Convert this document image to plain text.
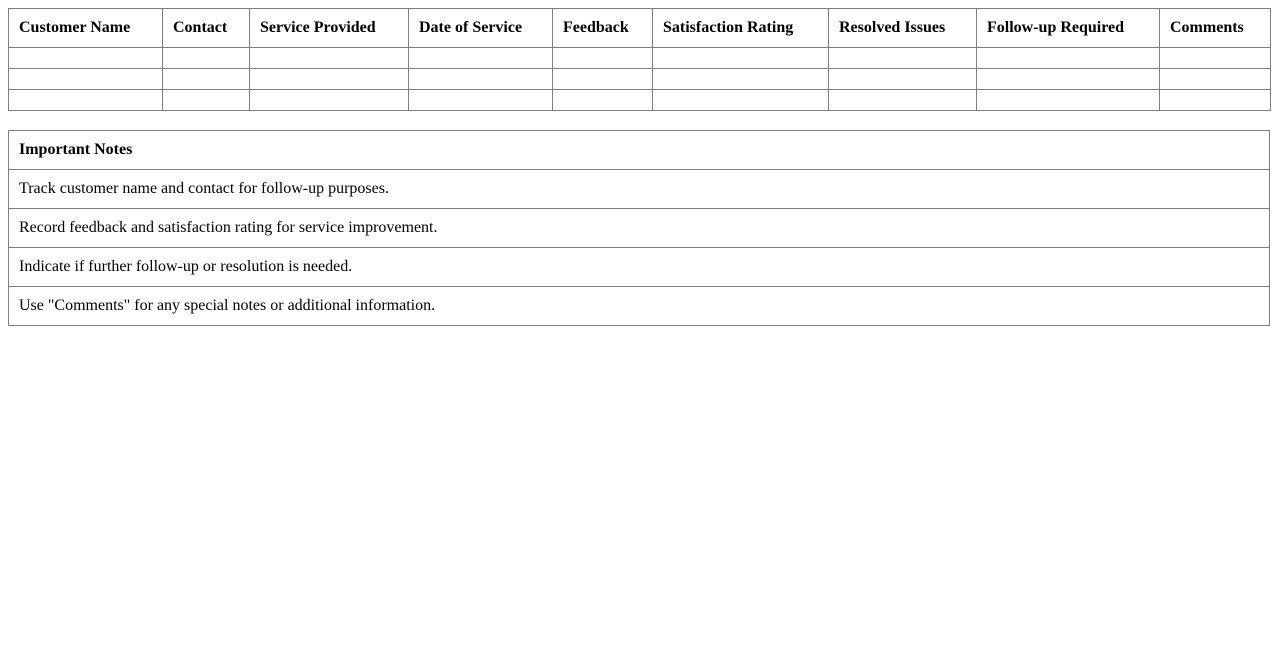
Customer Name	Contact	Service Provided	Date of Service	Feedback	Satisfaction Rating	Resolved Issues	Follow-up Required	Comments

Important Notes
Track customer name and contact for follow-up purposes.
Record feedback and satisfaction rating for service improvement.
Indicate if further follow-up or resolution is needed.
Use "Comments" for any special notes or additional information.
